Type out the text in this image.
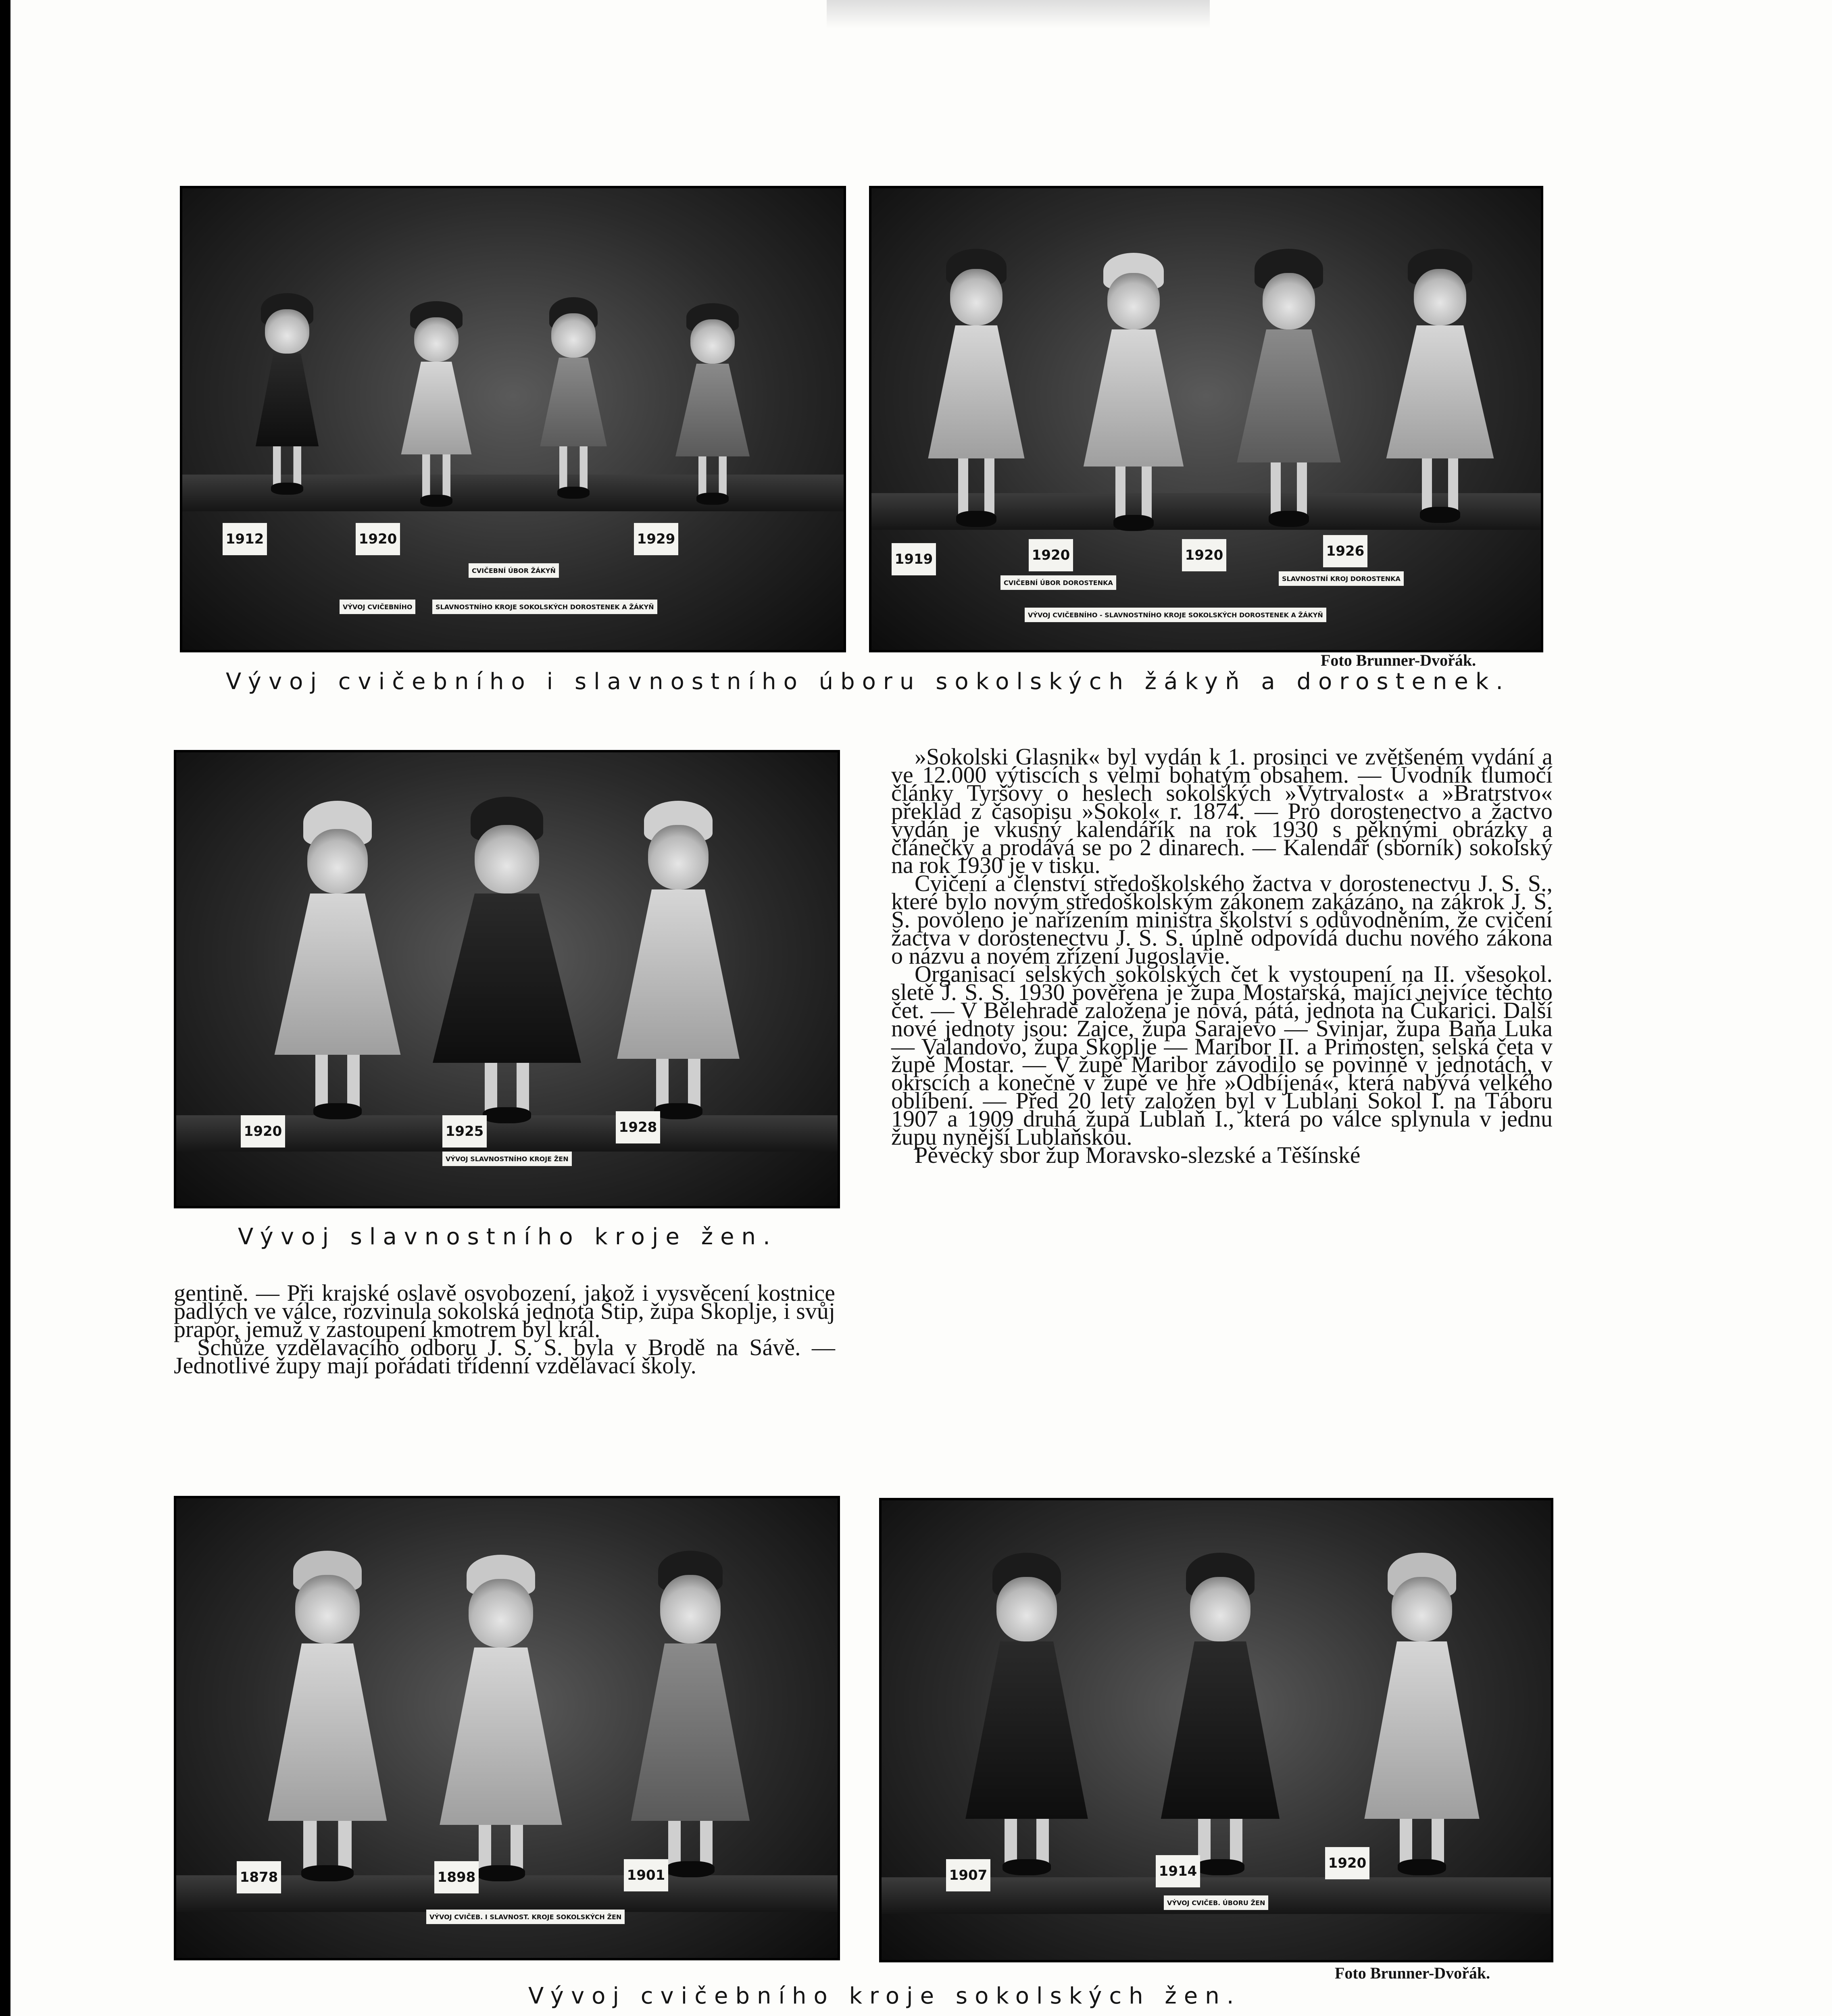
1912	1920	1929
CVIČEBNÍ ÚBOR ŽÁKYŇ
VÝVOJ CVIČEBNÍHO	SLAVNOSTNÍHO KROJE SOKOLSKÝCH DOROSTENEK A ŽÁKYŇ
1919	1920	1920	1926
CVIČEBNÍ ÚBOR DOROSTENKA
SLAVNOSTNÍ KROJ DOROSTENKA
VÝVOJ CVIČEBNÍHO - SLAVNOSTNÍHO KROJE SOKOLSKÝCH DOROSTENEK A ŽÁKYŇ
Foto Brunner-Dvořák.
Vývoj cvičebního i slavnostního úboru sokolských žákyň a dorostenek.
1920	1925	1928
VÝVOJ SLAVNOSTNÍHO KROJE ŽEN
Vývoj slavnostního kroje žen.

»Sokolski Glasnik« byl vydán k 1. prosinci ve zvětšeném vydání a ve 12.000 výtiscích s velmi bohatým obsahem. — Úvodník tlumočí články Tyršovy o heslech sokolských »Vytrvalost« a »Bratrstvo« překlad z časopisu »Sokol« r. 1874. — Pro dorostenectvo a žactvo vydán je vkusný kalendářík na rok 1930 s pěknými obrázky a článečky a prodává se po 2 dinarech. — Kalendář (sborník) sokolský na rok 1930 je v tisku.

Cvičení a členství středoškolského žactva v dorostenectvu J. S. S., které bylo novým středoškolským zákonem zakázáno, na zákrok J. S. S. povoleno je nařízením ministra školství s odůvodněním, že cvičení žactva v dorostenectvu J. S. S. úplně odpovídá duchu nového zákona o názvu a novém zřízení Jugoslavie.

Organisací selských sokolských čet k vystoupení na II. všesokol. sletě J. S. S. 1930 pověřena je župa Mostarská, mající nejvíce těchto čet. — V Bělehradě založena je nová, pátá, jednota na Čukarici. Další nové jednoty jsou: Zajce, župa Sarajevo — Svinjar, župa Baňa Luka — Valandovo, župa Skoplje — Maribor II. a Primosten, selská četa v župě Mostar. — V župě Maribor závodilo se povinně v jednotách, v okrscích a konečně v župě ve hře »Odbíjená«, která nabývá velkého oblíbení. — Před 20 lety založen byl v Lublani Sokol I. na Táboru 1907 a 1909 druhá župa Lublaň I., která po válce splynula v jednu župu nynější Lublaňskou.

Pěvecký sbor žup Moravsko-slezské a Těšínské

gentině. — Při krajské oslavě osvobození, jakož i vysvěcení kostnice padlých ve válce, rozvinula sokolská jednota Štip, župa Skoplje, i svůj prapor, jemuž v zastoupení kmotrem byl král.

Schůze vzdělavacího odboru J. S. S. byla v Brodě na Sávě. — Jednotlivé župy mají pořádati třídenní vzdělavací školy.

1878	1898	1901
VÝVOJ CVIČEB. I SLAVNOST. KROJE SOKOLSKÝCH ŽEN
1907	1914	1920
VÝVOJ CVIČEB. ÚBORU ŽEN
Foto Brunner-Dvořák.
Vývoj cvičebního kroje sokolských žen.
